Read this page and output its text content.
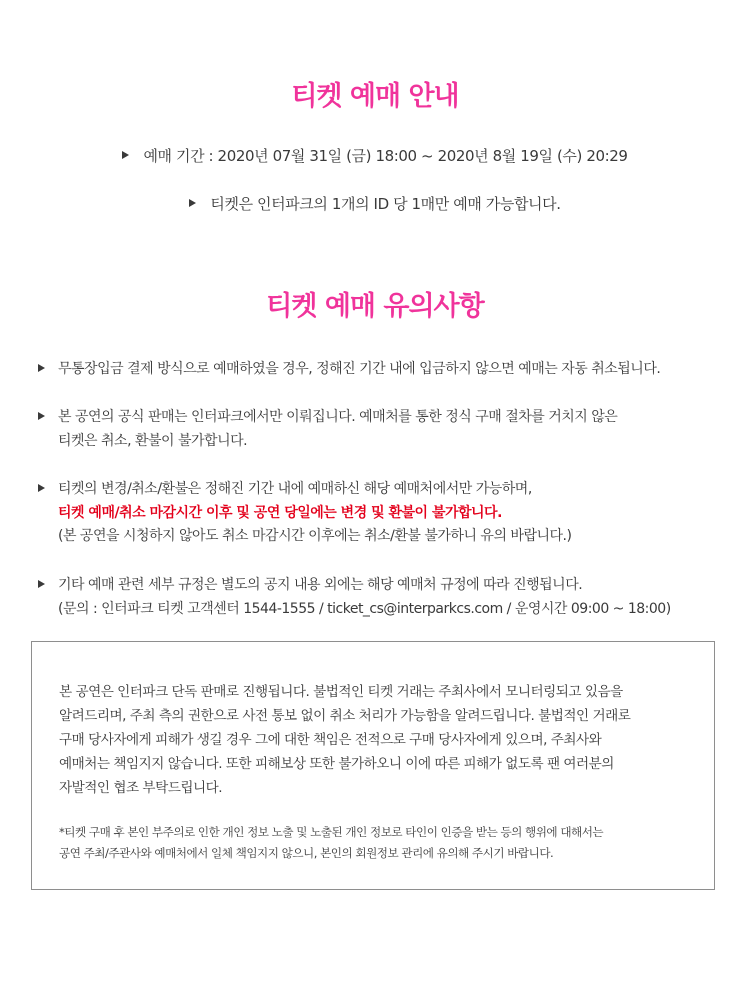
티켓 예매 안내
예매 기간 : 2020년 07월 31일 (금) 18:00 ~ 2020년 8월 19일 (수) 20:29
티켓은 인터파크의 1개의 ID 당 1매만 예매 가능합니다.
티켓 예매 유의사항
무통장입금 결제 방식으로 예매하였을 경우, 정해진 기간 내에 입금하지 않으면 예매는 자동 취소됩니다.
본 공연의 공식 판매는 인터파크에서만 이뤄집니다. 예매처를 통한 정식 구매 절차를 거치지 않은
티켓은 취소, 환불이 불가합니다.
티켓의 변경/취소/환불은 정해진 기간 내에 예매하신 해당 예매처에서만 가능하며,
티켓 예매/취소 마감시간 이후 및 공연 당일에는 변경 및 환불이 불가합니다.
(본 공연을 시청하지 않아도 취소 마감시간 이후에는 취소/환불 불가하니 유의 바랍니다.)
기타 예매 관련 세부 규정은 별도의 공지 내용 외에는 해당 예매처 규정에 따라 진행됩니다.
(문의 : 인터파크 티켓 고객센터 1544-1555 / ticket_cs@interparkcs.com / 운영시간 09:00 ~ 18:00)
본 공연은 인터파크 단독 판매로 진행됩니다. 불법적인 티켓 거래는 주최사에서 모니터링되고 있음을
알려드리며, 주최 측의 권한으로 사전 통보 없이 취소 처리가 가능함을 알려드립니다. 불법적인 거래로
구매 당사자에게 피해가 생길 경우 그에 대한 책임은 전적으로 구매 당사자에게 있으며, 주최사와
예매처는 책임지지 않습니다. 또한 피해보상 또한 불가하오니 이에 따른 피해가 없도록 팬 여러분의
자발적인 협조 부탁드립니다.
*티켓 구매 후 본인 부주의로 인한 개인 정보 노출 및 노출된 개인 정보로 타인이 인증을 받는 등의 행위에 대해서는
공연 주최/주관사와 예매처에서 일체 책임지지 않으니, 본인의 회원정보 관리에 유의해 주시기 바랍니다.
